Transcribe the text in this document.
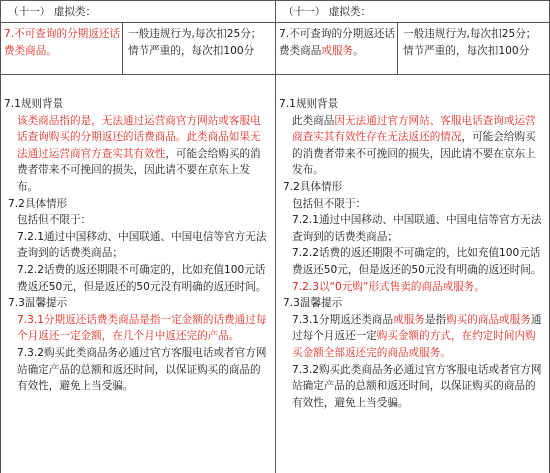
（十一） 虚拟类：
7.不可查询的分期返还话费类商品。
一般违规行为,每次扣25分；情节严重的，每次扣100分
7.1规则背景
该类商品指的是，无法通过运营商官方网站或客服电话查询购买的分期返还的话费商品。此类商品如果无法通过运营商官方查实其有效性，可能会给购买的消费者带来不可挽回的损失，因此请不要在京东上发布。
7.2具体情形
包括但不限于：
7.2.1通过中国移动、中国联通、中国电信等官方无法查询到的话费类商品；
7.2.2话费的返还期限不可确定的，比如充值100元话费返还50元，但是返还的50元没有明确的返还时间。
7.3温馨提示
7.3.1分期返还话费类商品是指一定金额的话费通过每个月返还一定金额，在几个月中返还完的产品。
7.3.2购买此类商品务必通过官方客服电话或者官方网站确定产品的总额和返还时间，以保证购买的商品的有效性，避免上当受骗。
（十一） 虚拟类：
7.不可查询的分期返还话费类商品或服务。
一般违规行为,每次扣25分；情节严重的，每次扣100分
7.1规则背景
此类商品因无法通过官方网站、客服电话查询或运营商查实其有效性存在无法返还的情况，可能会给购买的消费者带来不可挽回的损失，因此请不要在京东上发布。
7.2具体情形
包括但不限于：
7.2.1通过中国移动、中国联通、中国电信等官方无法查询到的话费类商品；
7.2.2话费的返还期限不可确定的，比如充值100元话费返还50元，但是返还的50元没有明确的返还时间。
7.2.3以“0元购”形式售卖的商品或服务。
7.3温馨提示
7.3.1分期返还类商品或服务是指购买的商品或服务通过每个月返还一定购买金额的方式，在约定时间内购买金额全部返还完的商品或服务。
7.3.2购买此类商品务必通过官方客服电话或者官方网站确定产品的总额和返还时间，以保证购买的商品的有效性，避免上当受骗。
